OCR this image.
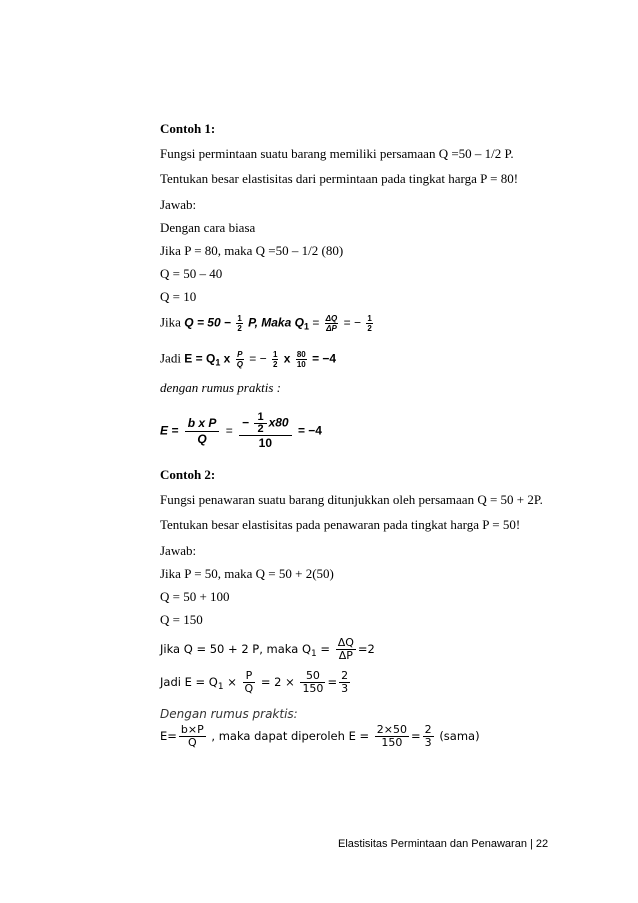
Contoh 1:
Fungsi permintaan suatu barang memiliki persamaan Q =50 – 1/2 P.
Tentukan besar elastisitas dari permintaan pada tingkat harga P = 80!
Jawab:
Dengan cara biasa
Jika P = 80, maka Q =50 – 1/2 (80)
Q = 50 – 40
Q = 10
Jika $Q = 50 - \frac{1}{2} P$, Maka $Q_1 = \frac{\Delta Q}{\Delta P}$ = − $\frac{1}{2}$
Jadi $E = Q_1$ x $\frac{P}{Q}$ = − $\frac{1}{2}$ x $\frac{80}{10} = -4$
dengan rumus praktis :
$E = \frac{\text{b x P}}{Q} = \frac{- \frac{1}{2} x80}{10} = -4$
Contoh 2:
Fungsi penawaran suatu barang ditunjukkan oleh persamaan Q = 50 + 2P.
Tentukan besar elastisitas pada penawaran pada tingkat harga P = 50!
Jawab:
Jika P = 50, maka Q = 50 + 2(50)
Q = 50 + 100
Q = 150
Jika Q = 50 + 2 P, maka $Q_1 = \frac{\Delta Q}{\Delta P} =2$
Jadi $E = Q_1 \times \frac{P}{Q} = 2 \times \frac{50}{150} = \frac{2}{3}$
Dengan rumus praktis:
$E= \frac{b\times P}{Q}$ , maka dapat diperoleh $E = \frac{2\times 50}{150} = \frac{2}{3}$ (sama)
Elastisitas Permintaan dan Penawaran | 22
